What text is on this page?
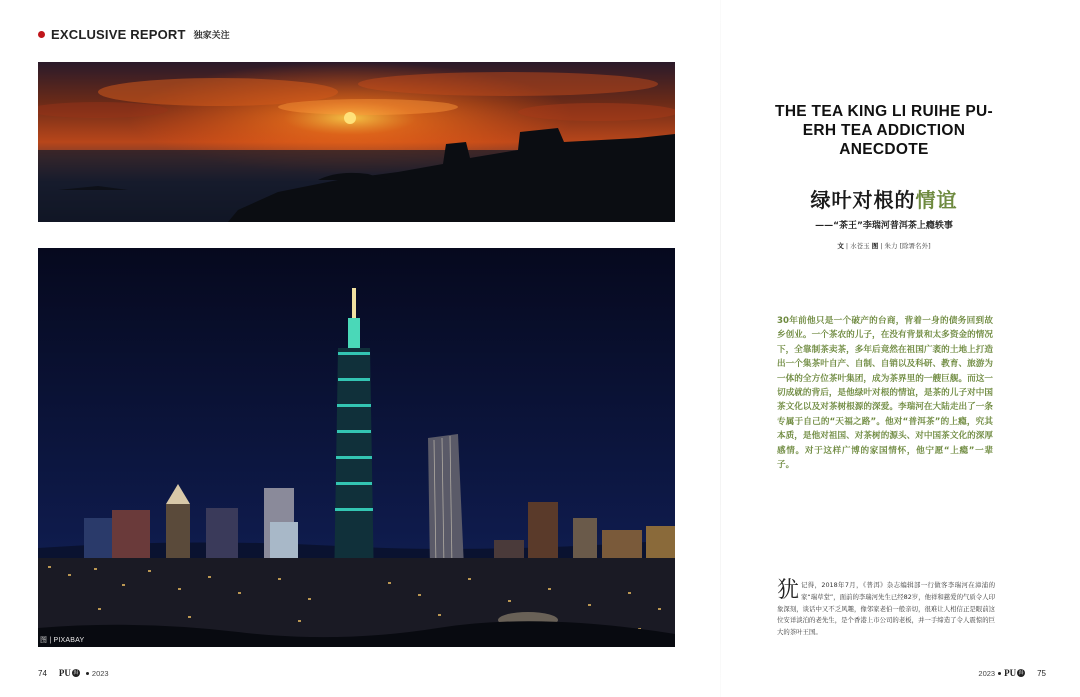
EXCLUSIVE REPORT 独家关注
图 | PIXABAY
THE TEA KING LI RUIHE PU-ERH TEA ADDICTION ANECDOTE
绿叶对根的情谊
——“茶王”李瑞河普洱茶上瘾轶事
文 | 水苍玉 图 | 朱力 [除署名外]

30年前他只是一个破产的台商，背着一身的债务回到故乡创业。一个茶农的儿子，在没有背景和太多资金的情况下，全靠制茶卖茶，多年后竟然在祖国广袤的土地上打造出一个集茶叶自产、自制、自销以及科研、教育、旅游为一体的全方位茶叶集团，成为茶界里的一艘巨舰。而这一切成就的背后，是他绿叶对根的情谊，是茶的儿子对中国茶文化以及对茶树根源的深爱。李瑞河在大陆走出了一条专属于自己的“天福之路”。他对“普洱茶”的上瘾，究其本质，是他对祖国、对茶树的源头、对中国茶文化的深厚感情。对于这样广博的家国情怀，他宁愿“上瘾”一辈子。

犹记得，2018年7月，《普洱》杂志编辑部一行做客李瑞河在漳浦的家“瑞草堂”，面前的李瑞河先生已经82岁，他祥和慈爱的气质令人印象深刻，谈话中又不乏风趣，像邻家老伯一般亲切，很难让人相信正是眼前这位安详淡泊的老先生，是个香港上市公司的老板，并一手缔造了令人震惊的巨大的茶叶王国。

74 PU 洱 2023	2023 PU 洱 75
